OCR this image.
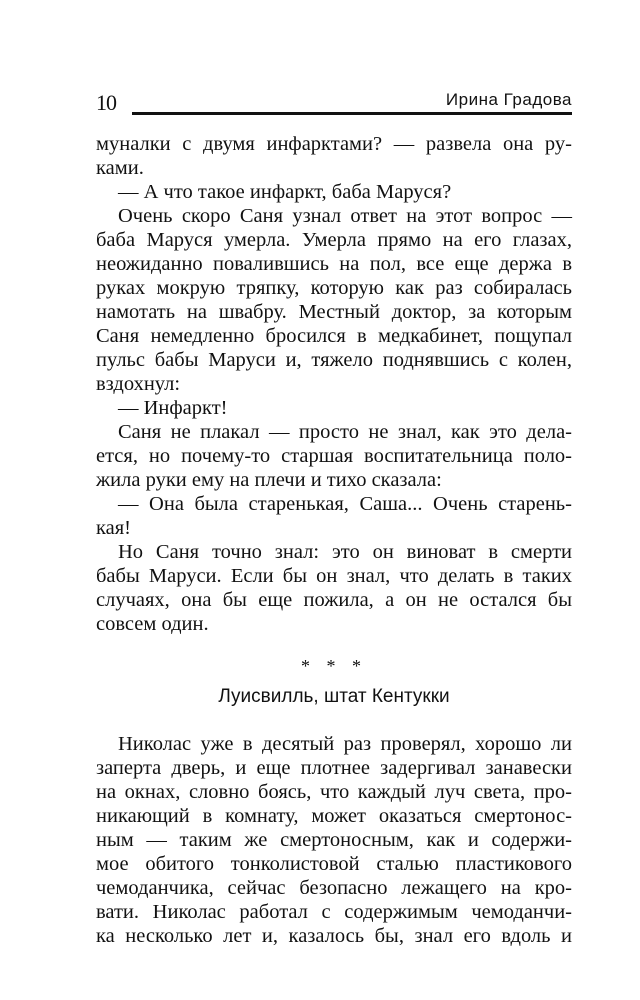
10	Ирина Градова
муналки с двумя инфарктами? — развела она ру-
ками.
— А что такое инфаркт, баба Маруся?
Очень скоро Саня узнал ответ на этот вопрос —
баба Маруся умерла. Умерла прямо на его глазах,
неожиданно повалившись на пол, все еще держа в
руках мокрую тряпку, которую как раз собиралась
намотать на швабру. Местный доктор, за которым
Саня немедленно бросился в медкабинет, пощупал
пульс бабы Маруси и, тяжело поднявшись с колен,
вздохнул:
— Инфаркт!
Саня не плакал — просто не знал, как это дела-
ется, но почему-то старшая воспитательница поло-
жила руки ему на плечи и тихо сказала:
— Она была старенькая, Саша... Очень старень-
кая!
Но Саня точно знал: это он виноват в смерти
бабы Маруси. Если бы он знал, что делать в таких
случаях, она бы еще пожила, а он не остался бы
совсем один.
* * *
Луисвилль, штат Кентукки
Николас уже в десятый раз проверял, хорошо ли
заперта дверь, и еще плотнее задергивал занавески
на окнах, словно боясь, что каждый луч света, про-
никающий в комнату, может оказаться смертонос-
ным — таким же смертоносным, как и содержи-
мое обитого тонколистовой сталью пластикового
чемоданчика, сейчас безопасно лежащего на кро-
вати. Николас работал с содержимым чемоданчи-
ка несколько лет и, казалось бы, знал его вдоль и
